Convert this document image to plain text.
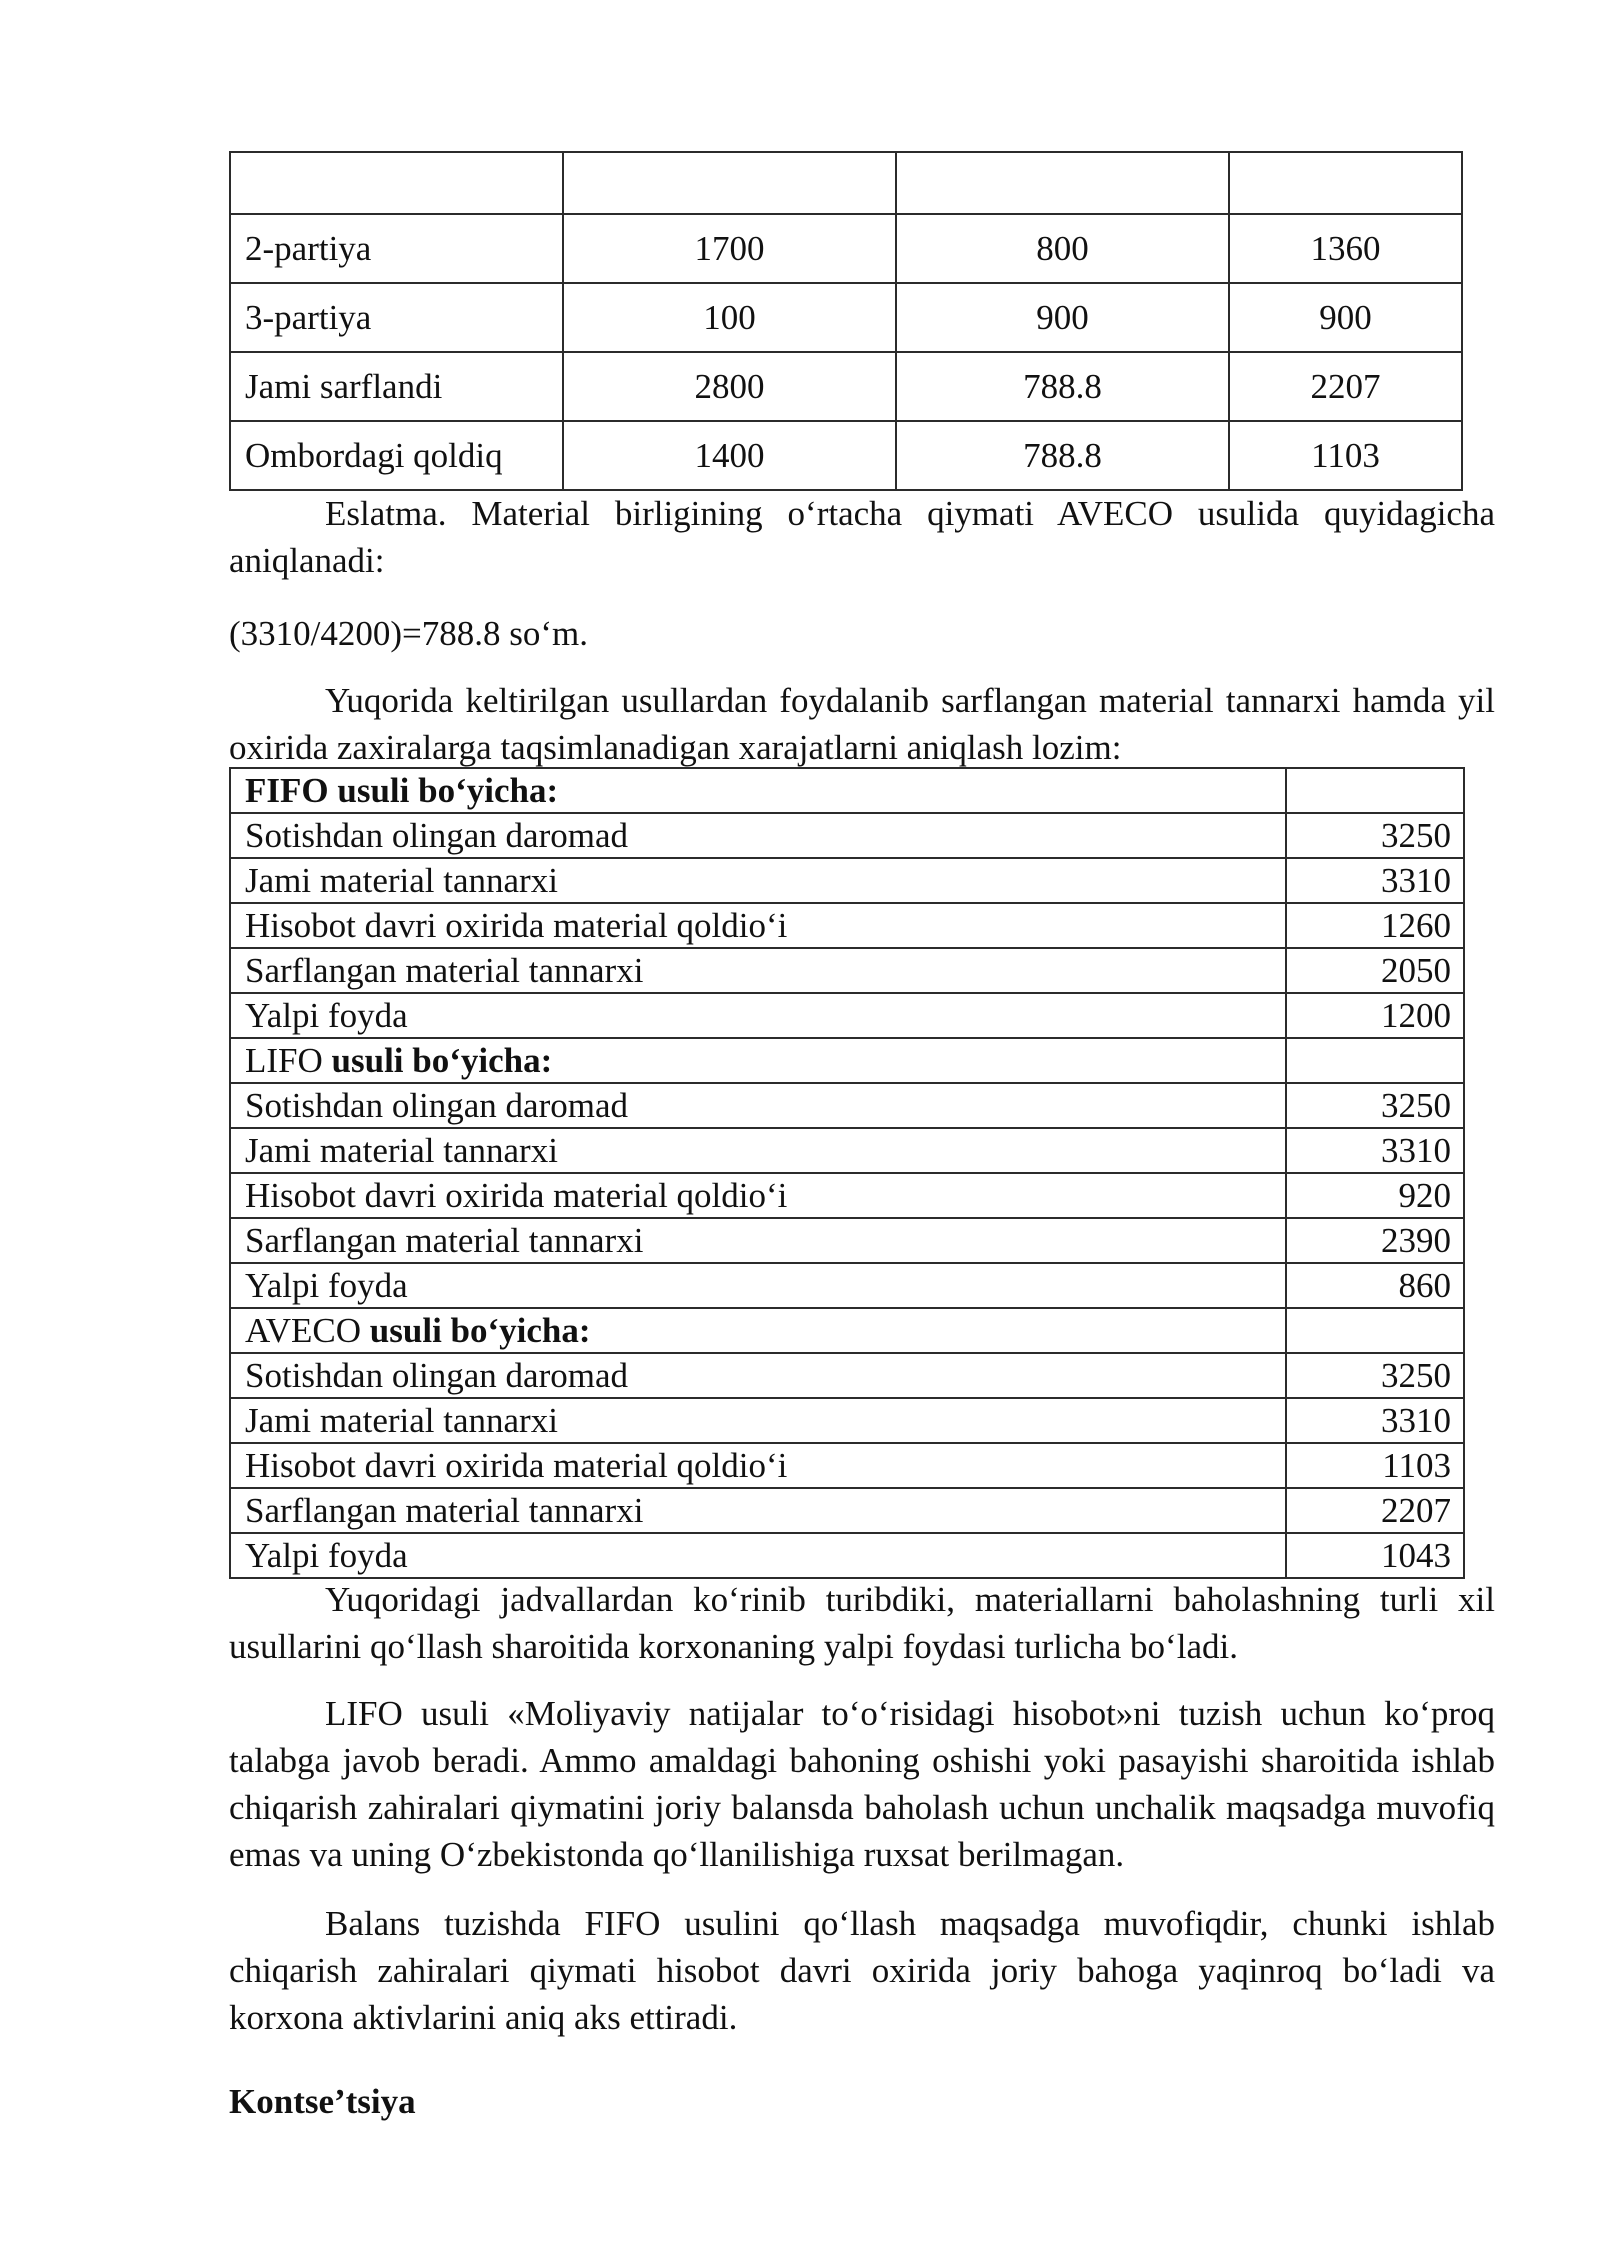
2-partiya	1700	800	1360
3-partiya	100	900	900
Jami sarflandi	2800	788.8	2207
Ombordagi qoldiq	1400	788.8	1103
Eslatma. Material birligining o‘rtacha qiymati AVECO usulida quyidagicha aniqlanadi:
(3310/4200)=788.8 so‘m.
Yuqorida keltirilgan usullardan foydalanib sarflangan material tannarxi hamda yil oxirida zaxiralarga taqsimlanadigan xarajatlarni aniqlash lozim:
FIFO usuli bo‘yicha:	
Sotishdan olingan daromad	3250
Jami material tannarxi	3310
Hisobot davri oxirida material qoldio‘i	1260
Sarflangan material tannarxi	2050
Yalpi foyda	1200
LIFO usuli bo‘yicha:	
Sotishdan olingan daromad	3250
Jami material tannarxi	3310
Hisobot davri oxirida material qoldio‘i	920
Sarflangan material tannarxi	2390
Yalpi foyda	860
AVECO usuli bo‘yicha:	
Sotishdan olingan daromad	3250
Jami material tannarxi	3310
Hisobot davri oxirida material qoldio‘i	1103
Sarflangan material tannarxi	2207
Yalpi foyda	1043
Yuqoridagi jadvallardan ko‘rinib turibdiki, materiallarni baholashning turli xil usullarini qo‘llash sharoitida korxonaning yalpi foydasi turlicha bo‘ladi.
LIFO usuli «Moliyaviy natijalar to‘o‘risidagi hisobot»ni tuzish uchun ko‘proq talabga javob beradi. Ammo amaldagi bahoning oshishi yoki pasayishi sharoitida ishlab chiqarish zahiralari qiymatini joriy balansda baholash uchun unchalik maqsadga muvofiq emas va uning O‘zbekistonda qo‘llanilishiga ruxsat berilmagan.
Balans tuzishda FIFO usulini qo‘llash maqsadga muvofiqdir, chunki ishlab chiqarish zahiralari qiymati hisobot davri oxirida joriy bahoga yaqinroq bo‘ladi va korxona aktivlarini aniq aks ettiradi.
Kontse’tsiya
